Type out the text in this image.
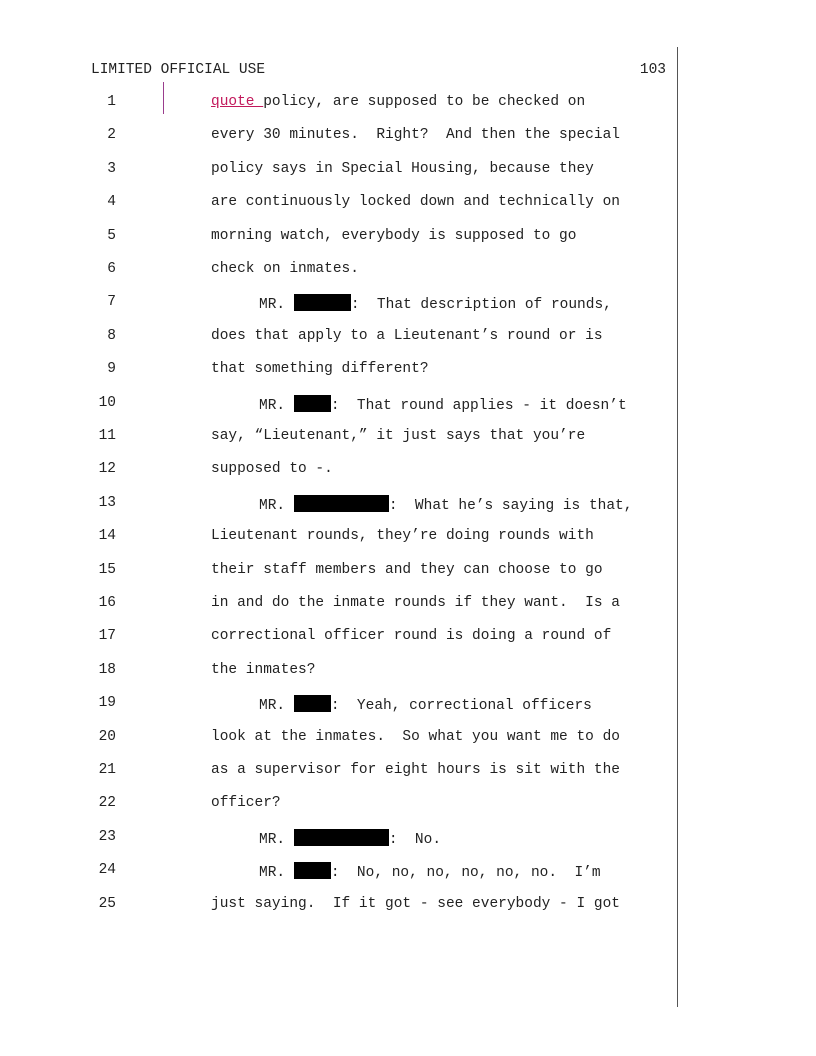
LIMITED OFFICIAL USE	103
1	quote policy, are supposed to be checked on
2	every 30 minutes.  Right?  And then the special
3	policy says in Special Housing, because they
4	are continuously locked down and technically on
5	morning watch, everybody is supposed to go
6	check on inmates.
7	MR.	:  That description of rounds,
8	does that apply to a Lieutenant’s round or is
9	that something different?
10	MR.	:  That round applies - it doesn’t
11	say, “Lieutenant,” it just says that you’re
12	supposed to -.
13	MR.	:  What he’s saying is that,
14	Lieutenant rounds, they’re doing rounds with
15	their staff members and they can choose to go
16	in and do the inmate rounds if they want.  Is a
17	correctional officer round is doing a round of
18	the inmates?
19	MR.	:  Yeah, correctional officers
20	look at the inmates.  So what you want me to do
21	as a supervisor for eight hours is sit with the
22	officer?
23	MR.	:  No.
24	MR.	:  No, no, no, no, no, no.  I’m
25	just saying.  If it got - see everybody - I got
